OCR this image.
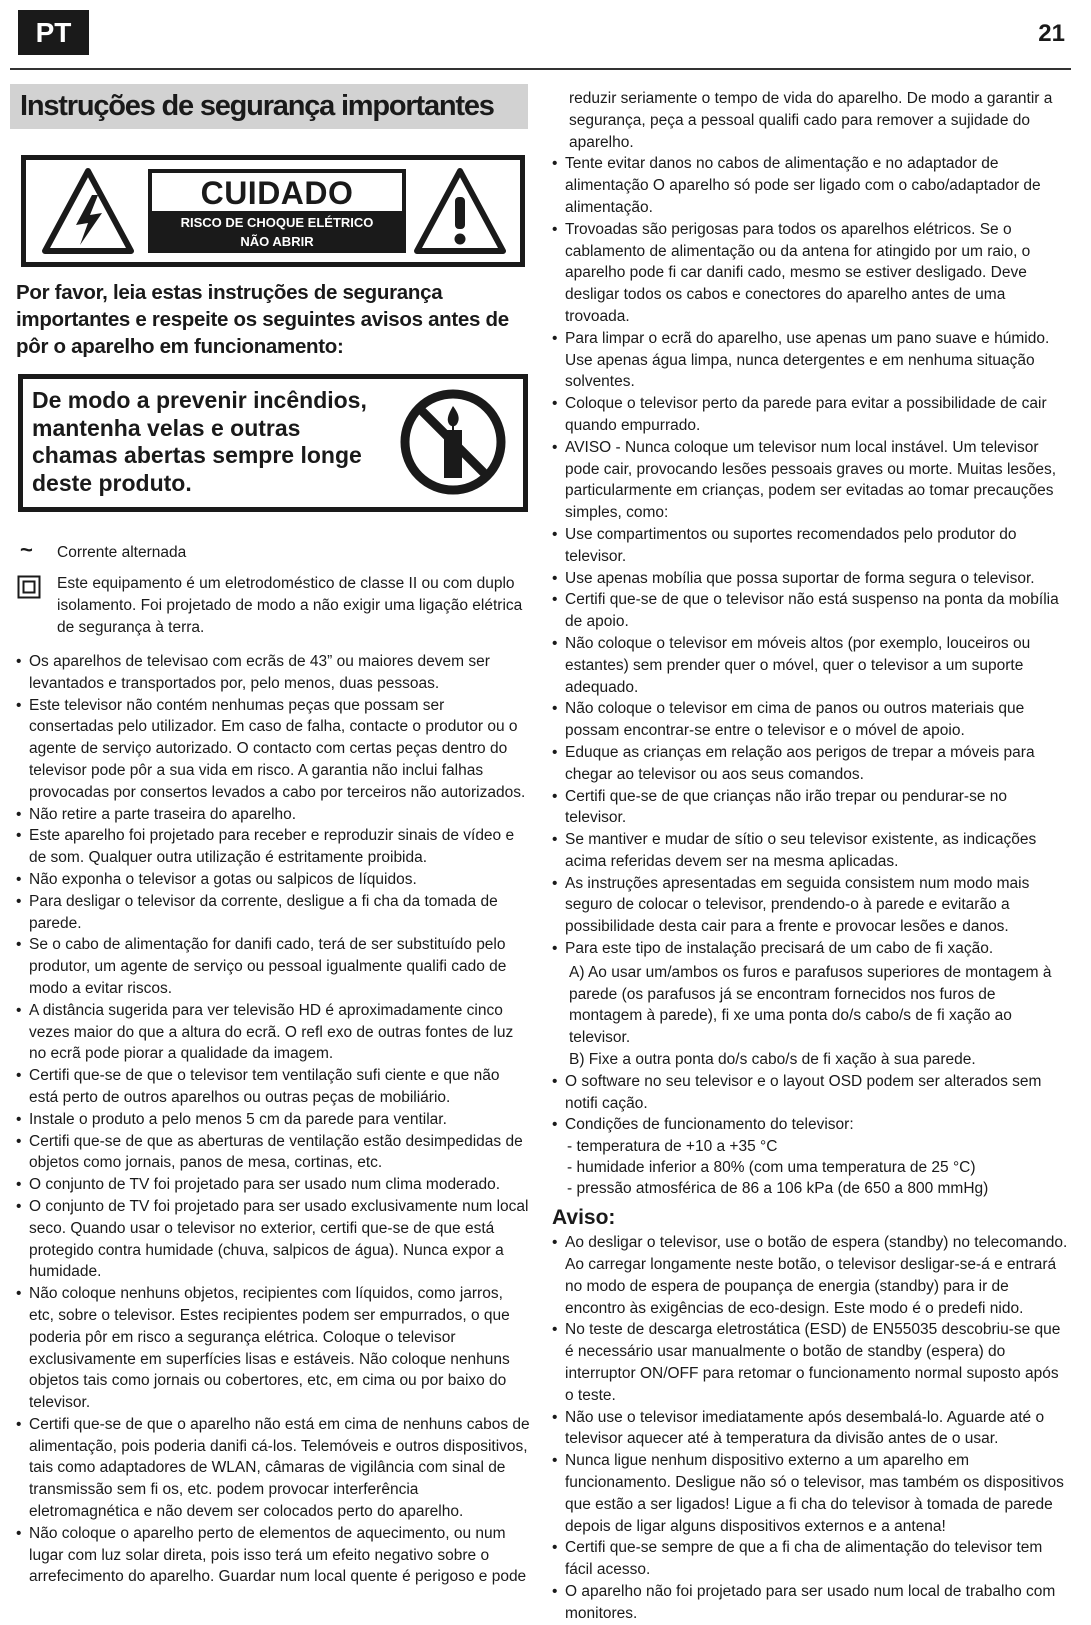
PT	21
Instruções de segurança importantes
CUIDADO
RISCO DE CHOQUE ELÉTRICO
NÃO ABRIR
Por favor, leia estas instruções de segurança importantes e respeite os seguintes avisos antes de pôr o aparelho em funcionamento:
De modo a prevenir incêndios, mantenha velas e outras chamas abertas sempre longe deste produto.
~ Corrente alternada
Este equipamento é um eletrodoméstico de classe II ou com duplo isolamento. Foi projetado de modo a não exigir uma ligação elétrica de segurança à terra.
• Os aparelhos de televisao com ecrãs de 43” ou maiores devem ser levantados e transportados por, pelo menos, duas pessoas.
• Este televisor não contém nenhumas peças que possam ser consertadas pelo utilizador. Em caso de falha, contacte o produtor ou o agente de serviço autorizado. O contacto com certas peças dentro do televisor pode pôr a sua vida em risco. A garantia não inclui falhas provocadas por consertos levados a cabo por terceiros não autorizados.
• Não retire a parte traseira do aparelho.
• Este aparelho foi projetado para receber e reproduzir sinais de vídeo e de som. Qualquer outra utilização é estritamente proibida.
• Não exponha o televisor a gotas ou salpicos de líquidos.
• Para desligar o televisor da corrente, desligue a fi cha da tomada de parede.
• Se o cabo de alimentação for danifi cado, terá de ser substituído pelo produtor, um agente de serviço ou pessoal igualmente qualifi cado de modo a evitar riscos.
• A distância sugerida para ver televisão HD é aproximadamente cinco vezes maior do que a altura do ecrã. O refl exo de outras fontes de luz no ecrã pode piorar a qualidade da imagem.
• Certifi que-se de que o televisor tem ventilação sufi ciente e que não está perto de outros aparelhos ou outras peças de mobiliário.
• Instale o produto a pelo menos 5 cm da parede para ventilar.
• Certifi que-se de que as aberturas de ventilação estão desimpedidas de objetos como jornais, panos de mesa, cortinas, etc.
• O conjunto de TV foi projetado para ser usado num clima moderado.
• O conjunto de TV foi projetado para ser usado exclusivamente num local seco. Quando usar o televisor no exterior, certifi que-se de que está protegido contra humidade (chuva, salpicos de água). Nunca expor a humidade.
• Não coloque nenhuns objetos, recipientes com líquidos, como jarros, etc, sobre o televisor. Estes recipientes podem ser empurrados, o que poderia pôr em risco a segurança elétrica. Coloque o televisor exclusivamente em superfícies lisas e estáveis. Não coloque nenhuns objetos tais como jornais ou cobertores, etc, em cima ou por baixo do televisor.
• Certifi que-se de que o aparelho não está em cima de nenhuns cabos de alimentação, pois poderia danifi cá-los. Telemóveis e outros dispositivos, tais como adaptadores de WLAN, câmaras de vigilância com sinal de transmissão sem fi os, etc. podem provocar interferência eletromagnética e não devem ser colocados perto do aparelho.
• Não coloque o aparelho perto de elementos de aquecimento, ou num lugar com luz solar direta, pois isso terá um efeito negativo sobre o arrefecimento do aparelho. Guardar num local quente é perigoso e pode
reduzir seriamente o tempo de vida do aparelho. De modo a garantir a segurança, peça a pessoal qualifi cado para remover a sujidade do aparelho.
• Tente evitar danos no cabos de alimentação e no adaptador de alimentação O aparelho só pode ser ligado com o cabo/adaptador de alimentação.
• Trovoadas são perigosas para todos os aparelhos elétricos. Se o cablamento de alimentação ou da antena for atingido por um raio, o aparelho pode fi car danifi cado, mesmo se estiver desligado. Deve desligar todos os cabos e conectores do aparelho antes de uma trovoada.
• Para limpar o ecrã do aparelho, use apenas um pano suave e húmido. Use apenas água limpa, nunca detergentes e em nenhuma situação solventes.
• Coloque o televisor perto da parede para evitar a possibilidade de cair quando empurrado.
• AVISO - Nunca coloque um televisor num local instável. Um televisor pode cair, provocando lesões pessoais graves ou morte. Muitas lesões, particularmente em crianças, podem ser evitadas ao tomar precauções simples, como:
• Use compartimentos ou suportes recomendados pelo produtor do televisor.
• Use apenas mobília que possa suportar de forma segura o televisor.
• Certifi que-se de que o televisor não está suspenso na ponta da mobília de apoio.
• Não coloque o televisor em móveis altos (por exemplo, louceiros ou estantes) sem prender quer o móvel, quer o televisor a um suporte adequado.
• Não coloque o televisor em cima de panos ou outros materiais que possam encontrar-se entre o televisor e o móvel de apoio.
• Eduque as crianças em relação aos perigos de trepar a móveis para chegar ao televisor ou aos seus comandos.
• Certifi que-se de que crianças não irão trepar ou pendurar-se no televisor.
• Se mantiver e mudar de sítio o seu televisor existente, as indicações acima referidas devem ser na mesma aplicadas.
• As instruções apresentadas em seguida consistem num modo mais seguro de colocar o televisor, prendendo-o à parede e evitarão a possibilidade desta cair para a frente e provocar lesões e danos.
• Para este tipo de instalação precisará de um cabo de fi xação.
A) Ao usar um/ambos os furos e parafusos superiores de montagem à parede (os parafusos já se encontram fornecidos nos furos de montagem à parede), fi xe uma ponta do/s cabo/s de fi xação ao televisor.
B) Fixe a outra ponta do/s cabo/s de fi xação à sua parede.
• O software no seu televisor e o layout OSD podem ser alterados sem notifi cação.
• Condições de funcionamento do televisor:
- temperatura de +10 a +35 °C
- humidade inferior a 80% (com uma temperatura de 25 °C)
- pressão atmosférica de 86 a 106 kPa (de 650 a 800 mmHg)
Aviso:
• Ao desligar o televisor, use o botão de espera (standby) no telecomando. Ao carregar longamente neste botão, o televisor desligar-se-á e entrará no modo de espera de poupança de energia (standby) para ir de encontro às exigências de eco-design. Este modo é o predefi nido.
• No teste de descarga eletrostática (ESD) de EN55035 descobriu-se que é necessário usar manualmente o botão de standby (espera) do interruptor ON/OFF para retomar o funcionamento normal suposto após o teste.
• Não use o televisor imediatamente após desembalá-lo. Aguarde até o televisor aquecer até à temperatura da divisão antes de o usar.
• Nunca ligue nenhum dispositivo externo a um aparelho em funcionamento. Desligue não só o televisor, mas também os dispositivos que estão a ser ligados! Ligue a fi cha do televisor à tomada de parede depois de ligar alguns dispositivos externos e a antena!
• Certifi que-se sempre de que a fi cha de alimentação do televisor tem fácil acesso.
• O aparelho não foi projetado para ser usado num local de trabalho com monitores.
